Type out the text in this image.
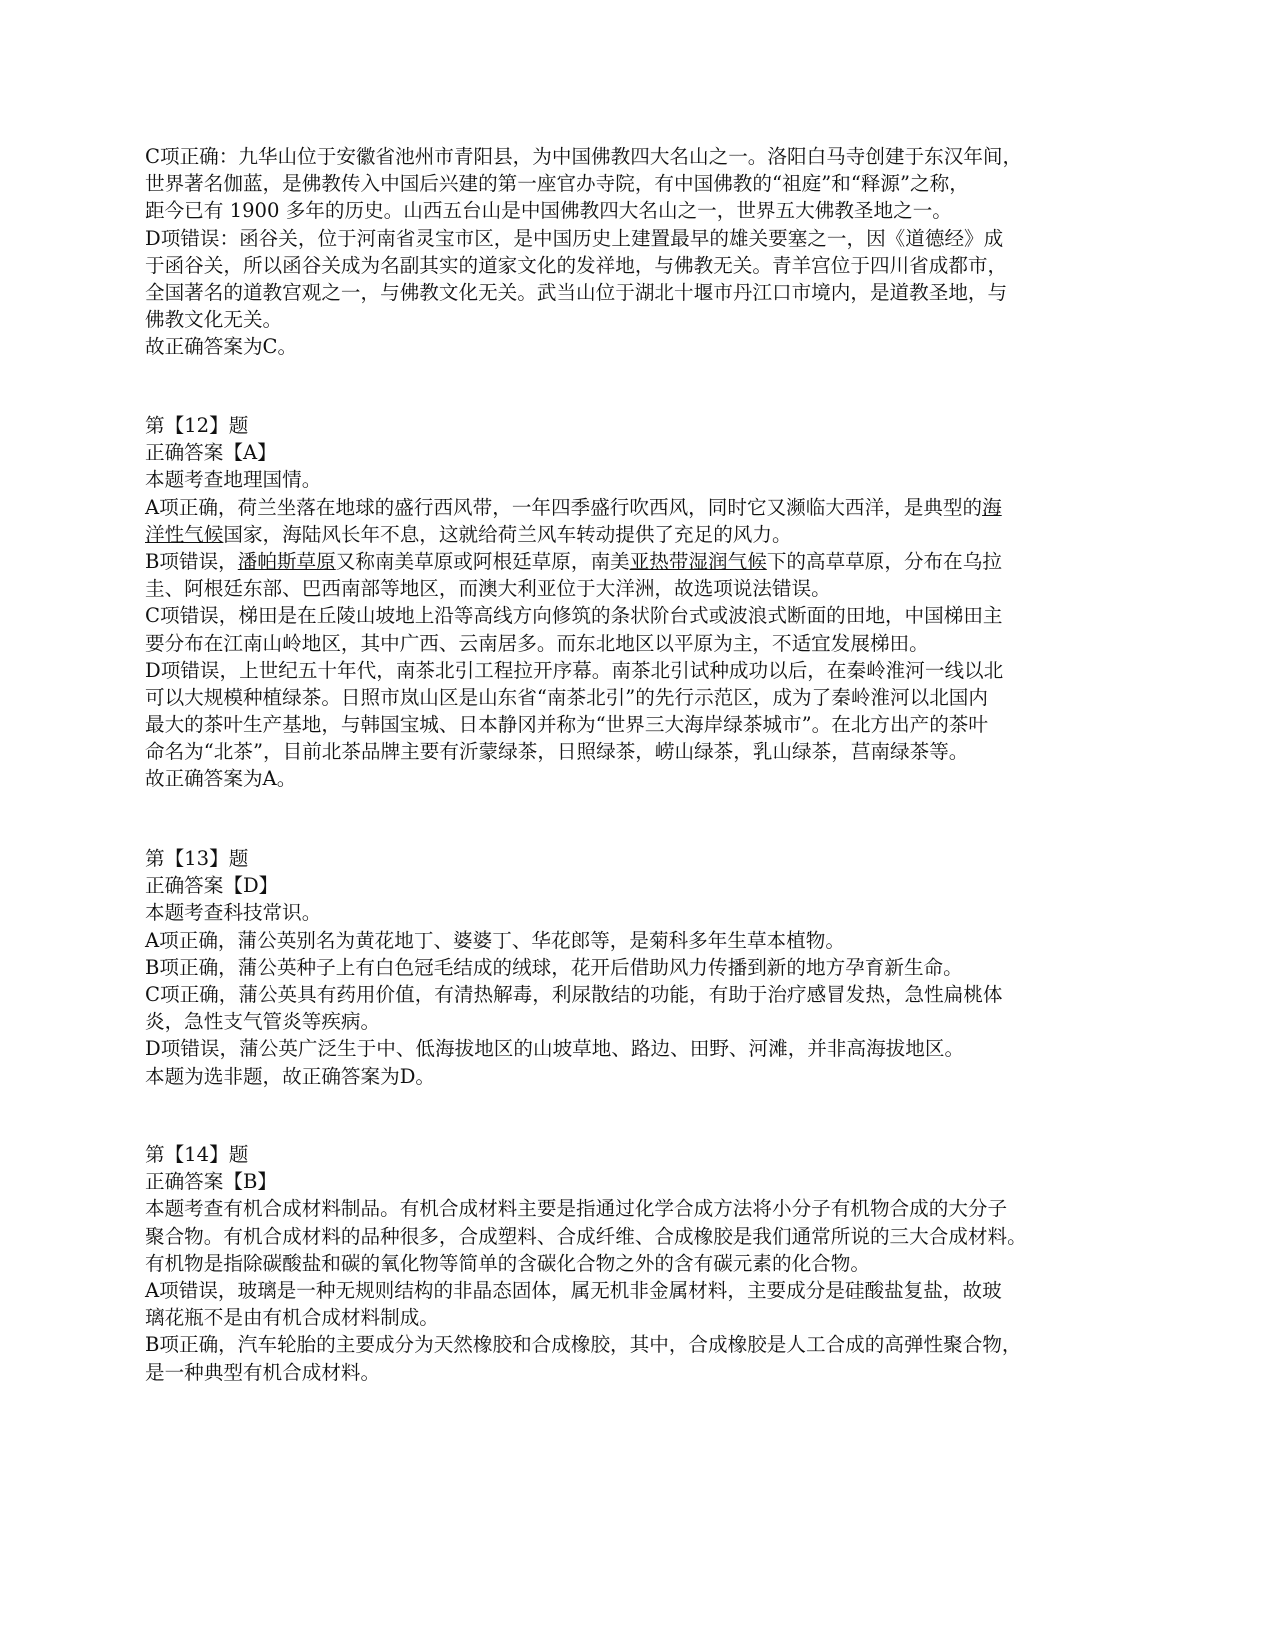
C项正确：九华山位于安徽省池州市青阳县，为中国佛教四大名山之一。洛阳白马寺创建于东汉年间，
世界著名伽蓝，是佛教传入中国后兴建的第一座官办寺院，有中国佛教的“祖庭”和“释源”之称，
距今已有 1900 多年的历史。山西五台山是中国佛教四大名山之一，世界五大佛教圣地之一。
D项错误：函谷关，位于河南省灵宝市区，是中国历史上建置最早的雄关要塞之一，因《道德经》成
于函谷关，所以函谷关成为名副其实的道家文化的发祥地，与佛教无关。青羊宫位于四川省成都市，
全国著名的道教宫观之一，与佛教文化无关。武当山位于湖北十堰市丹江口市境内，是道教圣地，与
佛教文化无关。
故正确答案为C。
第【12】题
正确答案【A】
本题考查地理国情。
A项正确，荷兰坐落在地球的盛行西风带，一年四季盛行吹西风，同时它又濒临大西洋，是典型的海
洋性气候国家，海陆风长年不息，这就给荷兰风车转动提供了充足的风力。
B项错误，潘帕斯草原又称南美草原或阿根廷草原，南美亚热带湿润气候下的高草草原，分布在乌拉
圭、阿根廷东部、巴西南部等地区，而澳大利亚位于大洋洲，故选项说法错误。
C项错误，梯田是在丘陵山坡地上沿等高线方向修筑的条状阶台式或波浪式断面的田地，中国梯田主
要分布在江南山岭地区，其中广西、云南居多。而东北地区以平原为主，不适宜发展梯田。
D项错误，上世纪五十年代，南茶北引工程拉开序幕。南茶北引试种成功以后，在秦岭淮河一线以北
可以大规模种植绿茶。日照市岚山区是山东省“南茶北引”的先行示范区，成为了秦岭淮河以北国内
最大的茶叶生产基地，与韩国宝城、日本静冈并称为“世界三大海岸绿茶城市”。在北方出产的茶叶
命名为“北茶”，目前北茶品牌主要有沂蒙绿茶，日照绿茶，崂山绿茶，乳山绿茶，莒南绿茶等。
故正确答案为A。
第【13】题
正确答案【D】
本题考查科技常识。
A项正确，蒲公英别名为黄花地丁、婆婆丁、华花郎等，是菊科多年生草本植物。
B项正确，蒲公英种子上有白色冠毛结成的绒球，花开后借助风力传播到新的地方孕育新生命。
C项正确，蒲公英具有药用价值，有清热解毒，利尿散结的功能，有助于治疗感冒发热，急性扁桃体
炎，急性支气管炎等疾病。
D项错误，蒲公英广泛生于中、低海拔地区的山坡草地、路边、田野、河滩，并非高海拔地区。
本题为选非题，故正确答案为D。
第【14】题
正确答案【B】
本题考查有机合成材料制品。有机合成材料主要是指通过化学合成方法将小分子有机物合成的大分子
聚合物。有机合成材料的品种很多，合成塑料、合成纤维、合成橡胶是我们通常所说的三大合成材料。
有机物是指除碳酸盐和碳的氧化物等简单的含碳化合物之外的含有碳元素的化合物。
A项错误，玻璃是一种无规则结构的非晶态固体，属无机非金属材料，主要成分是硅酸盐复盐，故玻
璃花瓶不是由有机合成材料制成。
B项正确，汽车轮胎的主要成分为天然橡胶和合成橡胶，其中，合成橡胶是人工合成的高弹性聚合物，
是一种典型有机合成材料。
